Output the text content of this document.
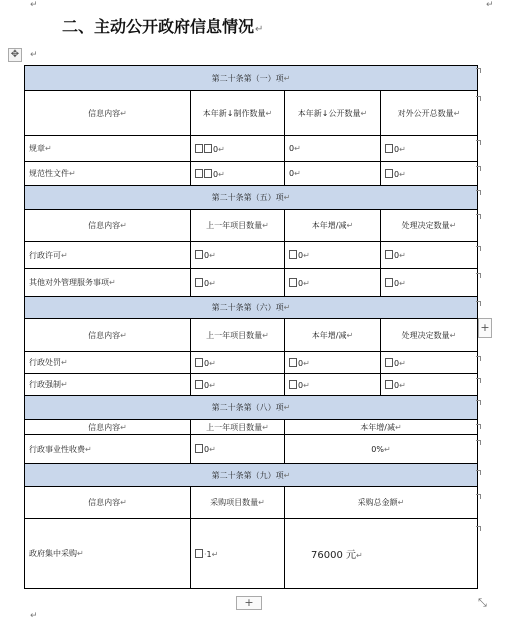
↵	↵
二、主动公开政府信息情况↵
✥	↵
第二十条第（一）项↵			
信息内容↵	本年新↓制作数量↵	本年新↓公开数量↵	对外公开总数量↵
规章↵	0↵	0↵	0↵
规范性文件↵	0↵	0↵	0↵
第二十条第（五）项↵			
信息内容↵	上一年项目数量↵	本年增/减↵	处理决定数量↵
行政许可↵	0↵	0↵	0↵
其他对外管理服务事项↵	0↵	0↵	0↵
第二十条第（六）项↵			
信息内容↵	上一年项目数量↵	本年增/减↵	处理决定数量↵
行政处罚↵	0↵	0↵	0↵
行政强制↵	0↵	0↵	0↵
第二十条第（八）项↵			
信息内容↵	上一年项目数量↵	本年增/减↵	
行政事业性收费↵	0↵	0%↵	
第二十条第（九）项↵			
信息内容↵	采购项目数量↵	采购总金额↵	
政府集中采购↵	·1↵	76000 元↵	
+
+	⤡
↵
